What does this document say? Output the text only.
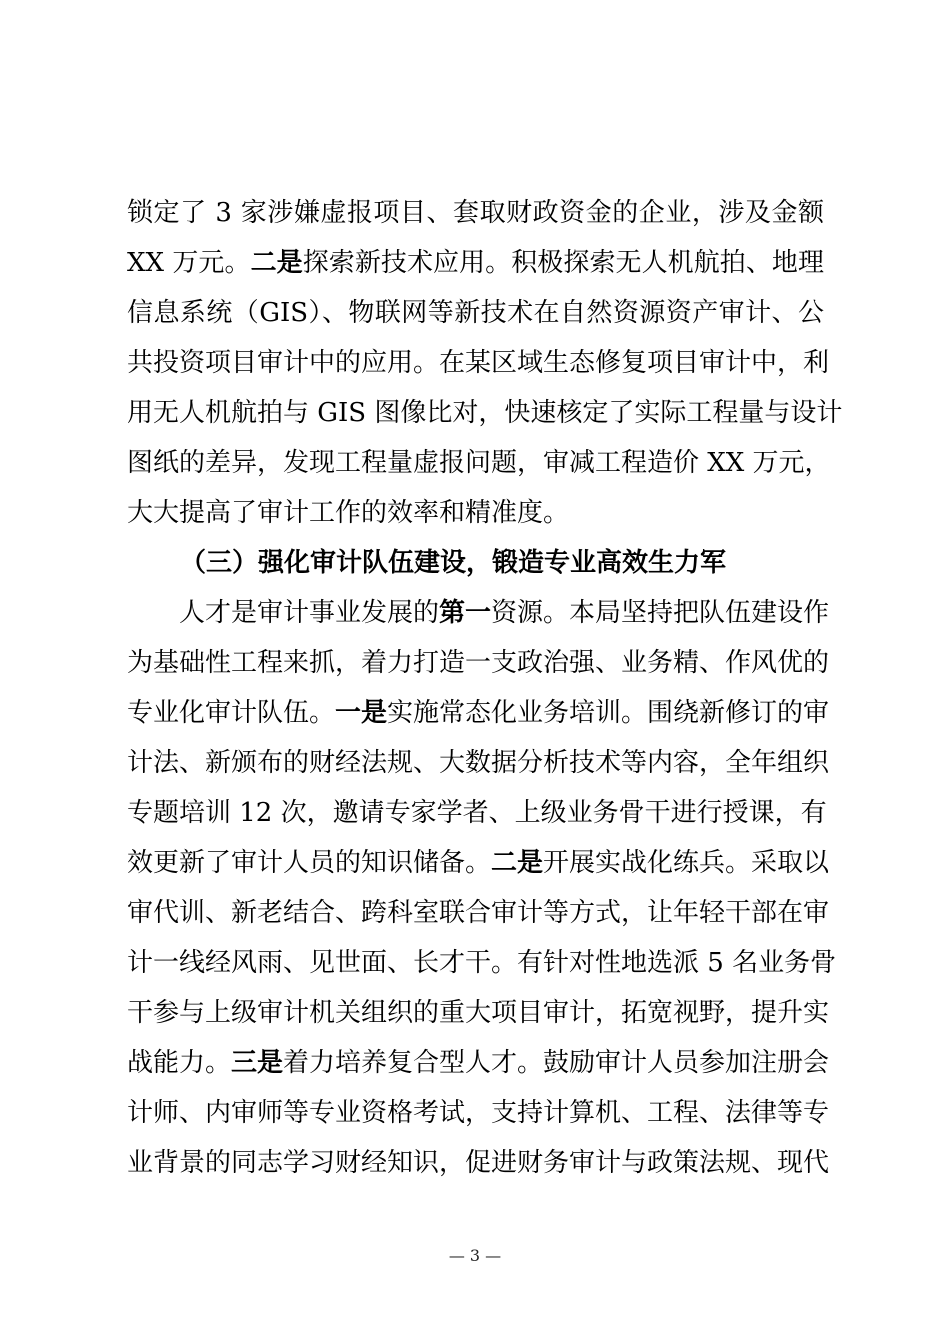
锁定了 3 家涉嫌虚报项目、套取财政资金的企业，涉及金额
XX 万元。二是探索新技术应用。积极探索无人机航拍、地理
信息系统（GIS）、物联网等新技术在自然资源资产审计、公
共投资项目审计中的应用。在某区域生态修复项目审计中，利
用无人机航拍与 GIS 图像比对，快速核定了实际工程量与设计
图纸的差异，发现工程量虚报问题，审减工程造价 XX 万元，
大大提高了审计工作的效率和精准度。
（三）强化审计队伍建设，锻造专业高效生力军
人才是审计事业发展的第一资源。本局坚持把队伍建设作
为基础性工程来抓，着力打造一支政治强、业务精、作风优的
专业化审计队伍。一是实施常态化业务培训。围绕新修订的审
计法、新颁布的财经法规、大数据分析技术等内容，全年组织
专题培训 12 次，邀请专家学者、上级业务骨干进行授课，有
效更新了审计人员的知识储备。二是开展实战化练兵。采取以
审代训、新老结合、跨科室联合审计等方式，让年轻干部在审
计一线经风雨、见世面、长才干。有针对性地选派 5 名业务骨
干参与上级审计机关组织的重大项目审计，拓宽视野，提升实
战能力。三是着力培养复合型人才。鼓励审计人员参加注册会
计师、内审师等专业资格考试，支持计算机、工程、法律等专
业背景的同志学习财经知识，促进财务审计与政策法规、现代
— 3 —
